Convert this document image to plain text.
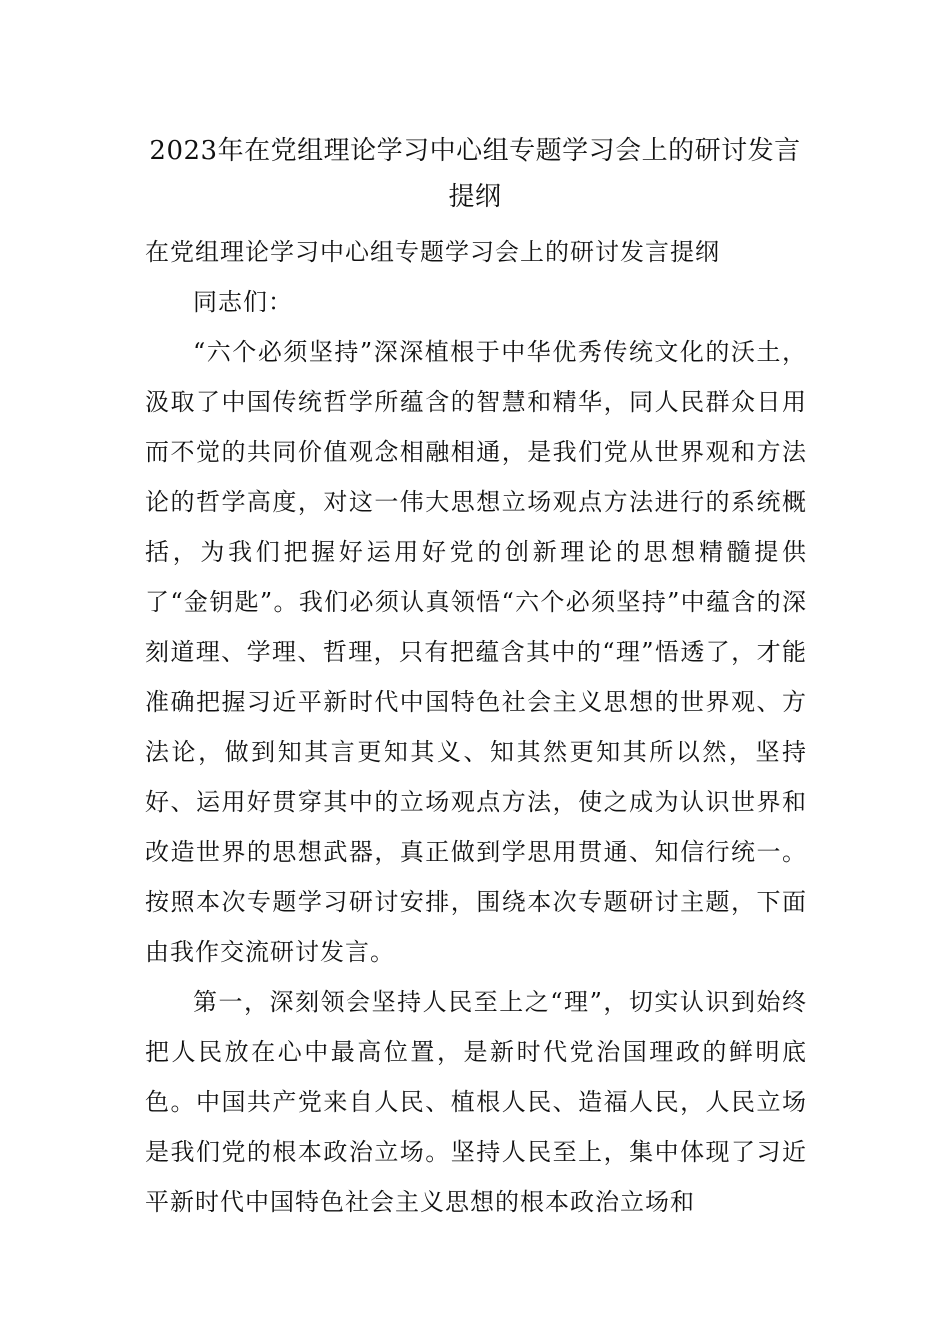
2023年在党组理论学习中心组专题学习会上的研讨发言提纲
在党组理论学习中心组专题学习会上的研讨发言提纲

同志们：

“六个必须坚持”深深植根于中华优秀传统文化的沃土，汲取了中国传统哲学所蕴含的智慧和精华，同人民群众日用而不觉的共同价值观念相融相通，是我们党从世界观和方法论的哲学高度，对这一伟大思想立场观点方法进行的系统概括，为我们把握好运用好党的创新理论的思想精髓提供了“金钥匙”。我们必须认真领悟“六个必须坚持”中蕴含的深刻道理、学理、哲理，只有把蕴含其中的“理”悟透了，才能准确把握习近平新时代中国特色社会主义思想的世界观、方法论，做到知其言更知其义、知其然更知其所以然，坚持好、运用好贯穿其中的立场观点方法，使之成为认识世界和改造世界的思想武器，真正做到学思用贯通、知信行统一。按照本次专题学习研讨安排，围绕本次专题研讨主题，下面由我作交流研讨发言。

第一，深刻领会坚持人民至上之“理”，切实认识到始终把人民放在心中最高位置，是新时代党治国理政的鲜明底色。中国共产党来自人民、植根人民、造福人民，人民立场是我们党的根本政治立场。坚持人民至上，集中体现了习近平新时代中国特色社会主义思想的根本政治立场和
